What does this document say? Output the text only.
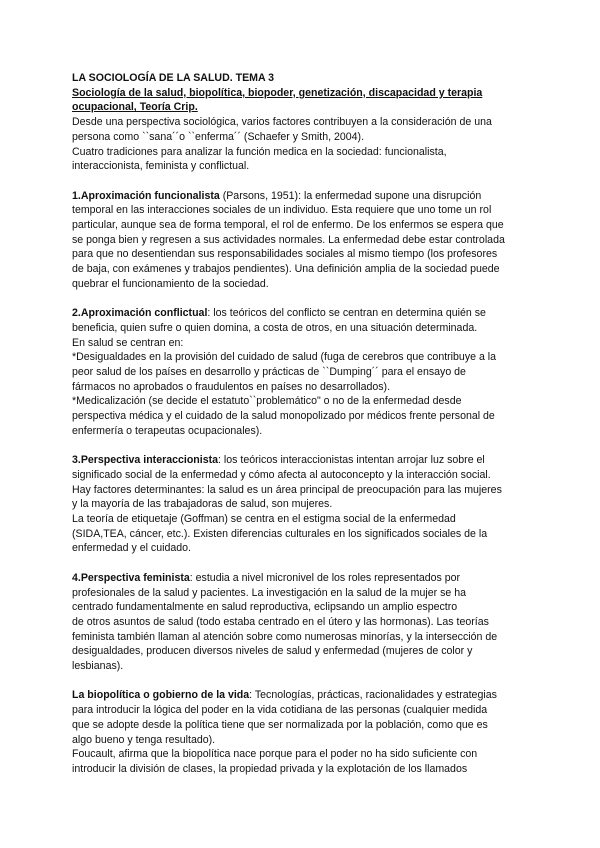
LA SOCIOLOGÍA DE LA SALUD. TEMA 3
Sociología de la salud, biopolítica, biopoder, genetización, discapacidad y terapia
ocupacional, Teoría Crip.
Desde una perspectiva sociológica, varios factores contribuyen a la consideración de una
persona como ``sana´´o ``enferma´´ (Schaefer y Smith, 2004).
Cuatro tradiciones para analizar la función medica en la sociedad: funcionalista,
interaccionista, feminista y conflictual.
1.Aproximación funcionalista (Parsons, 1951): la enfermedad supone una disrupción
temporal en las interacciones sociales de un individuo. Esta requiere que uno tome un rol
particular, aunque sea de forma temporal, el rol de enfermo. De los enfermos se espera que
se ponga bien y regresen a sus actividades normales. La enfermedad debe estar controlada
para que no desentiendan sus responsabilidades sociales al mismo tiempo (los profesores
de baja, con exámenes y trabajos pendientes). Una definición amplia de la sociedad puede
quebrar el funcionamiento de la sociedad.
2.Aproximación conflictual: los teóricos del conflicto se centran en determina quién se
beneficia, quien sufre o quien domina, a costa de otros, en una situación determinada.
En salud se centran en:
*Desigualdades en la provisión del cuidado de salud (fuga de cerebros que contribuye a la
peor salud de los países en desarrollo y prácticas de ``Dumping´´ para el ensayo de
fármacos no aprobados o fraudulentos en países no desarrollados).
*Medicalización (se decide el estatuto``problemático" o no de la enfermedad desde
perspectiva médica y el cuidado de la salud monopolizado por médicos frente personal de
enfermería o terapeutas ocupacionales).
3.Perspectiva interaccionista: los teóricos interaccionistas intentan arrojar luz sobre el
significado social de la enfermedad y cómo afecta al autoconcepto y la interacción social.
Hay factores determinantes: la salud es un área principal de preocupación para las mujeres
y la mayoría de las trabajadoras de salud, son mujeres.
La teoría de etiquetaje (Goffman) se centra en el estigma social de la enfermedad
(SIDA,TEA, cáncer, etc.). Existen diferencias culturales en los significados sociales de la
enfermedad y el cuidado.
4.Perspectiva feminista: estudia a nivel micronivel de los roles representados por
profesionales de la salud y pacientes. La investigación en la salud de la mujer se ha
centrado fundamentalmente en salud reproductiva, eclipsando un amplio espectro
de otros asuntos de salud (todo estaba centrado en el útero y las hormonas). Las teorías
feminista también llaman al atención sobre como numerosas minorías, y la intersección de
desigualdades, producen diversos niveles de salud y enfermedad (mujeres de color y
lesbianas).
La biopolítica o gobierno de la vida: Tecnologías, prácticas, racionalidades y estrategias
para introducir la lógica del poder en la vida cotidiana de las personas (cualquier medida
que se adopte desde la política tiene que ser normalizada por la población, como que es
algo bueno y tenga resultado).
Foucault, afirma que la biopolítica nace porque para el poder no ha sido suficiente con
introducir la división de clases, la propiedad privada y la explotación de los llamados
